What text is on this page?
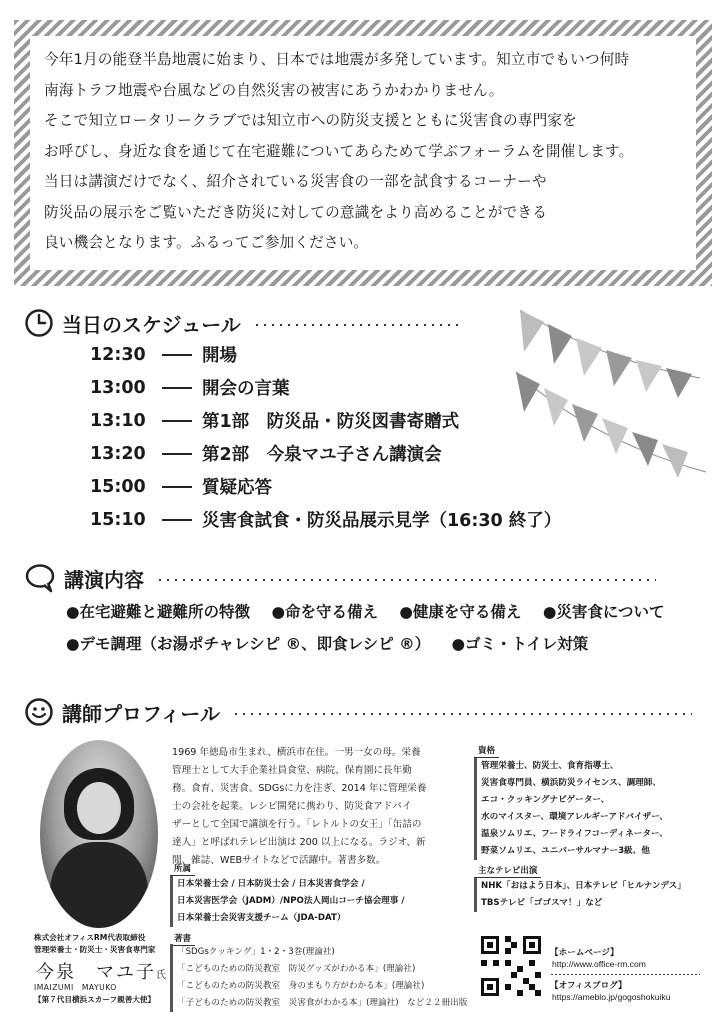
今年1月の能登半島地震に始まり、日本では地震が多発しています。知立市でもいつ何時
南海トラフ地震や台風などの自然災害の被害にあうかわかりません。
そこで知立ロータリークラブでは知立市への防災支援とともに災害食の専門家を
お呼びし、身近な食を通じて在宅避難についてあらためて学ぶフォーラムを開催します。
当日は講演だけでなく、紹介されている災害食の一部を試食するコーナーや
防災品の展示をご覧いただき防災に対しての意識をより高めることができる
良い機会となります。ふるってご参加ください。
当日のスケジュール
12:30	開場
13:00	開会の言葉
13:10	第1部　防災品・防災図書寄贈式
13:20	第2部　今泉マユ子さん講演会
15:00	質疑応答
15:10	災害食試食・防災品展示見学（16:30 終了）
講演内容
●在宅避難と避難所の特徴 ●命を守る備え ●健康を守る備え ●災害食について
●デモ調理（お湯ポチャレシピ ®、即食レシピ ®） ●ゴミ・トイレ対策
講師プロフィール
株式会社オフィスRM代表取締役
管理栄養士・防災士・災害食専門家
今泉　マユ子氏
IMAIZUMI　MAYUKO
【第７代目横浜スカーフ親善大使】
1969 年徳島市生まれ、横浜市在住。一男一女の母。栄養
管理士として大手企業社員食堂、病院、保育園に長年勤
務。食育、災害食、SDGsに力を注ぎ、2014 年に管理栄養
士の会社を起業。レシピ開発に携わり、防災食アドバイ
ザーとして全国で講演を行う。「レトルトの女王」「缶詰の
達人」と呼ばれテレビ出演は 200 以上になる。ラジオ、新
聞、雑誌、WEBサイトなどで活躍中。著書多数。
所属
日本栄養士会 / 日本防災士会 / 日本災害食学会 /
日本災害医学会（JADM）/NPO法人岡山コーチ協会理事 /
日本栄養士会災害支援チーム（JDA-DAT）
著書
「SDGsクッキング」1・2・3巻(理論社)
「こどものための防災教室　防災グッズがわかる本」(理論社)
「こどものための防災教室　身のまもり方がわかる本」(理論社)
「子どものための防災教室　災害食がわかる本」(理論社)　など２２冊出版
資格
管理栄養士、防災士、食育指導士、
災害食専門員、横浜防災ライセンス、調理師、
エコ・クッキングナビゲーター、
水のマイスター、環境アレルギーアドバイザー、
温泉ソムリエ、フードライフコーディネーター、
野菜ソムリエ、ユニバーサルマナー3級、他
主なテレビ出演
NHK「おはよう日本」、日本テレビ「ヒルナンデス」
TBSテレビ「ゴゴスマ！」など
【ホームページ】
http://www.office-rm.com
【オフィスブログ】
https://ameblo.jp/gogoshokuiku
